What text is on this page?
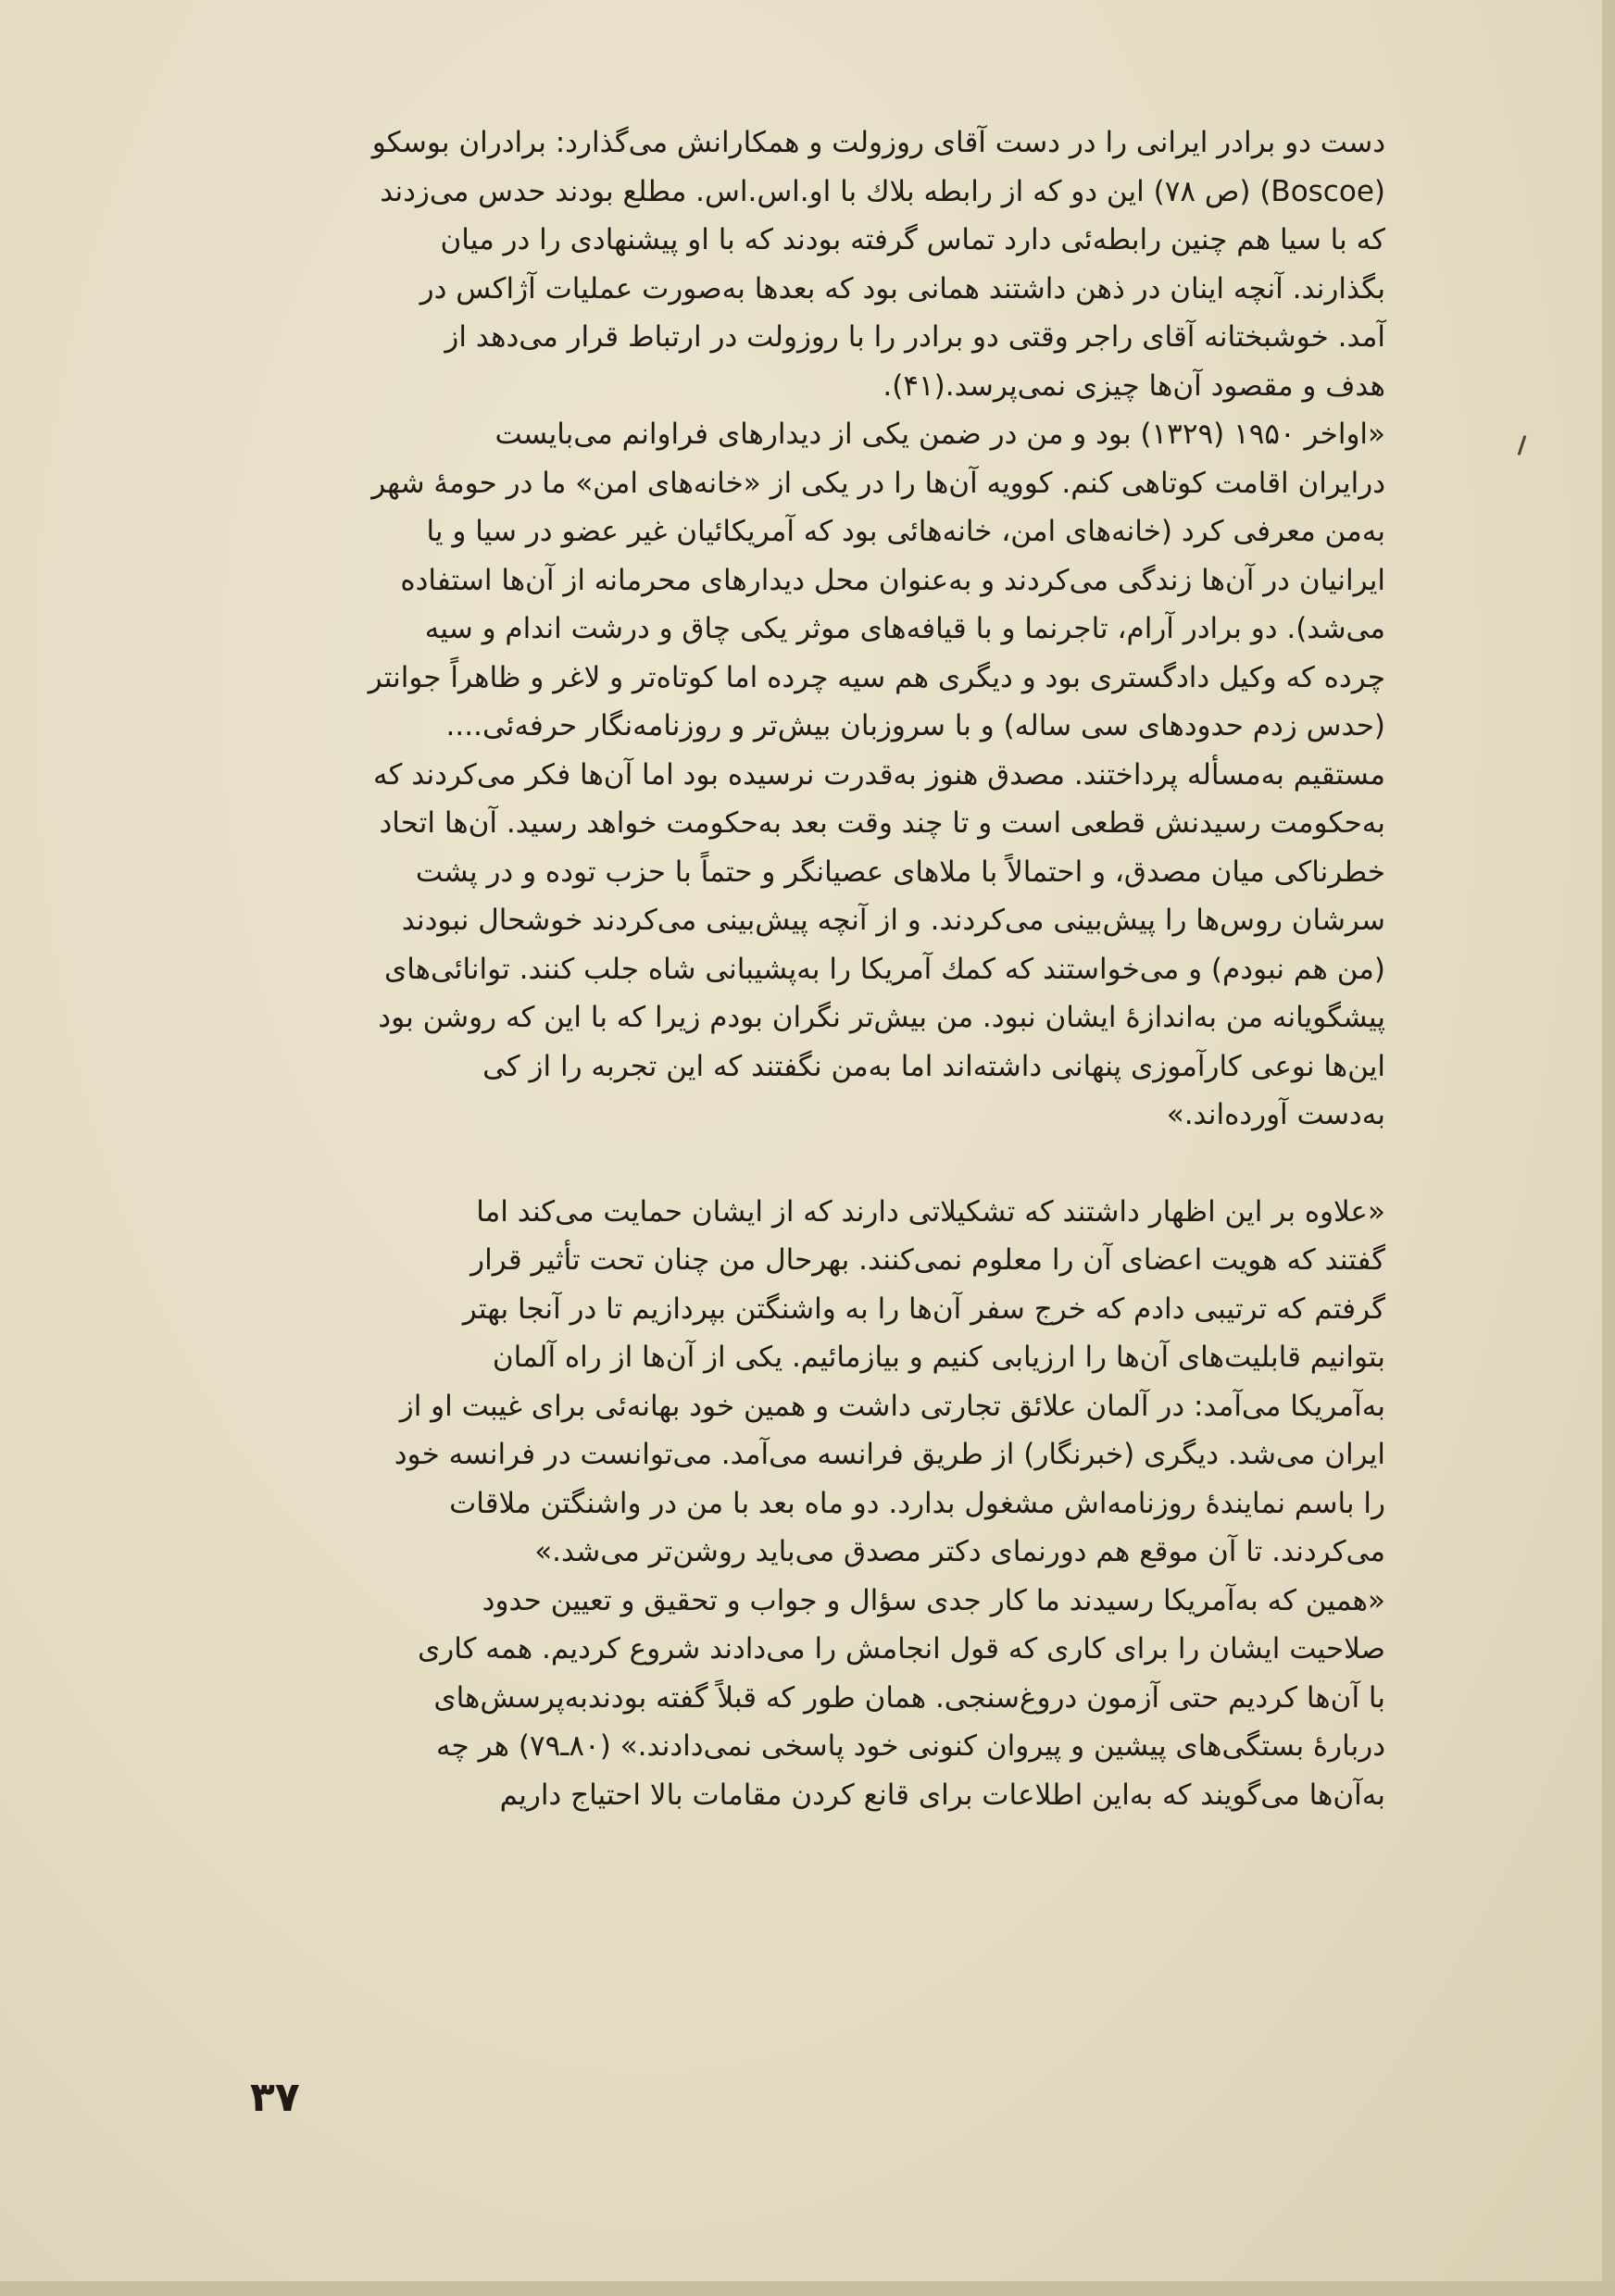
دست دو برادر ایرانی را در دست آقای روزولت و همکارانش می‌گذارد: برادران بوسکو
(Boscoe) (ص ۷۸) این دو که از رابطه بلاك با او.اس.اس. مطلع بودند حدس می‌زدند
که با سیا هم چنین رابطه‌ئی دارد تماس گرفته بودند که با او پیشنهادی را در میان
بگذارند. آنچه اینان در ذهن داشتند همانی بود که بعدها به‌صورت عملیات آژاکس در
آمد. خوشبختانه آقای راجر وقتی دو برادر را با روزولت در ارتباط قرار می‌دهد از
هدف و مقصود آن‌ها چیزی نمی‌پرسد.(۴۱).

«اواخر ۱۹۵۰ (۱۳۲۹) بود و من در ضمن یکی از دیدارهای فراوانم می‌بایست
درایران اقامت کوتاهی کنم. کوویه آن‌ها را در یکی از «خانه‌های امن» ما در حومهٔ شهر
به‌من معرفی کرد (خانه‌های امن، خانه‌هائی بود که آمریکائیان غیر عضو در سیا و یا
ایرانیان در آن‌ها زندگی می‌کردند و به‌عنوان محل دیدارهای محرمانه از آن‌ها استفاده
می‌شد). دو برادر آرام، تاجرنما و با قیافه‌های موثر یکی چاق و درشت اندام و سیه
چرده که وکیل دادگستری بود و دیگری هم سیه چرده اما کوتاه‌تر و لاغر و ظاهراً جوانتر
(حدس زدم حدودهای سی ساله) و با سروزبان بیش‌تر و روزنامه‌نگار حرفه‌ئی....
مستقیم به‌مسأله پرداختند. مصدق هنوز به‌قدرت نرسیده بود اما آن‌ها فکر می‌کردند که
به‌حکومت رسیدنش قطعی است و تا چند وقت بعد به‌حکومت خواهد رسید. آن‌ها اتحاد
خطرناکی میان مصدق، و احتمالاً با ملاهای عصیانگر و حتماً با حزب توده و در پشت
سرشان روس‌ها را پیش‌بینی می‌کردند. و از آنچه پیش‌بینی می‌کردند خوشحال نبودند
(من هم نبودم) و می‌خواستند که کمك آمریکا را به‌پشیبانی شاه جلب کنند. توانائی‌های
پیشگویانه من به‌اندازهٔ ایشان نبود. من بیش‌تر نگران بودم زیرا که با این که روشن بود
این‌ها نوعی کارآموزی پنهانی داشته‌اند اما به‌من نگفتند که این تجربه را از کی
به‌دست آورده‌اند.»

«علاوه بر این اظهار داشتند که تشکیلاتی دارند که از ایشان حمایت می‌کند اما
گفتند که هویت اعضای آن را معلوم نمی‌کنند. بهرحال من چنان تحت تأثیر قرار
گرفتم که ترتیبی دادم که خرج سفر آن‌ها را به واشنگتن بپردازیم تا در آنجا بهتر
بتوانیم قابلیت‌های آن‌ها را ارزیابی کنیم و بیازمائیم. یکی از آن‌ها از راه آلمان
به‌آمریکا می‌آمد: در آلمان علائق تجارتی داشت و همین خود بهانه‌ئی برای غیبت او از
ایران می‌شد. دیگری (خبرنگار) از طریق فرانسه می‌آمد. می‌توانست در فرانسه خود
را باسم نمایندهٔ روزنامه‌اش مشغول بدارد. دو ماه بعد با من در واشنگتن ملاقات
می‌کردند. تا آن موقع هم دورنمای دکتر مصدق می‌باید روشن‌تر می‌شد.»

«همین که به‌آمریکا رسیدند ما کار جدی سؤال و جواب و تحقیق و تعیین حدود
صلاحیت ایشان را برای کاری که قول انجامش را می‌دادند شروع کردیم. همه کاری
با آن‌ها کردیم حتی آزمون دروغ‌سنجی. همان طور که قبلاً گفته بودندبه‌پرسش‌های
دربارهٔ بستگی‌های پیشین و پیروان کنونی خود پاسخی نمی‌دادند.» (۸۰ـ۷۹) هر چه
به‌آن‌ها می‌گویند که به‌این اطلاعات برای قانع کردن مقامات بالا احتیاج داریم

۳۷
